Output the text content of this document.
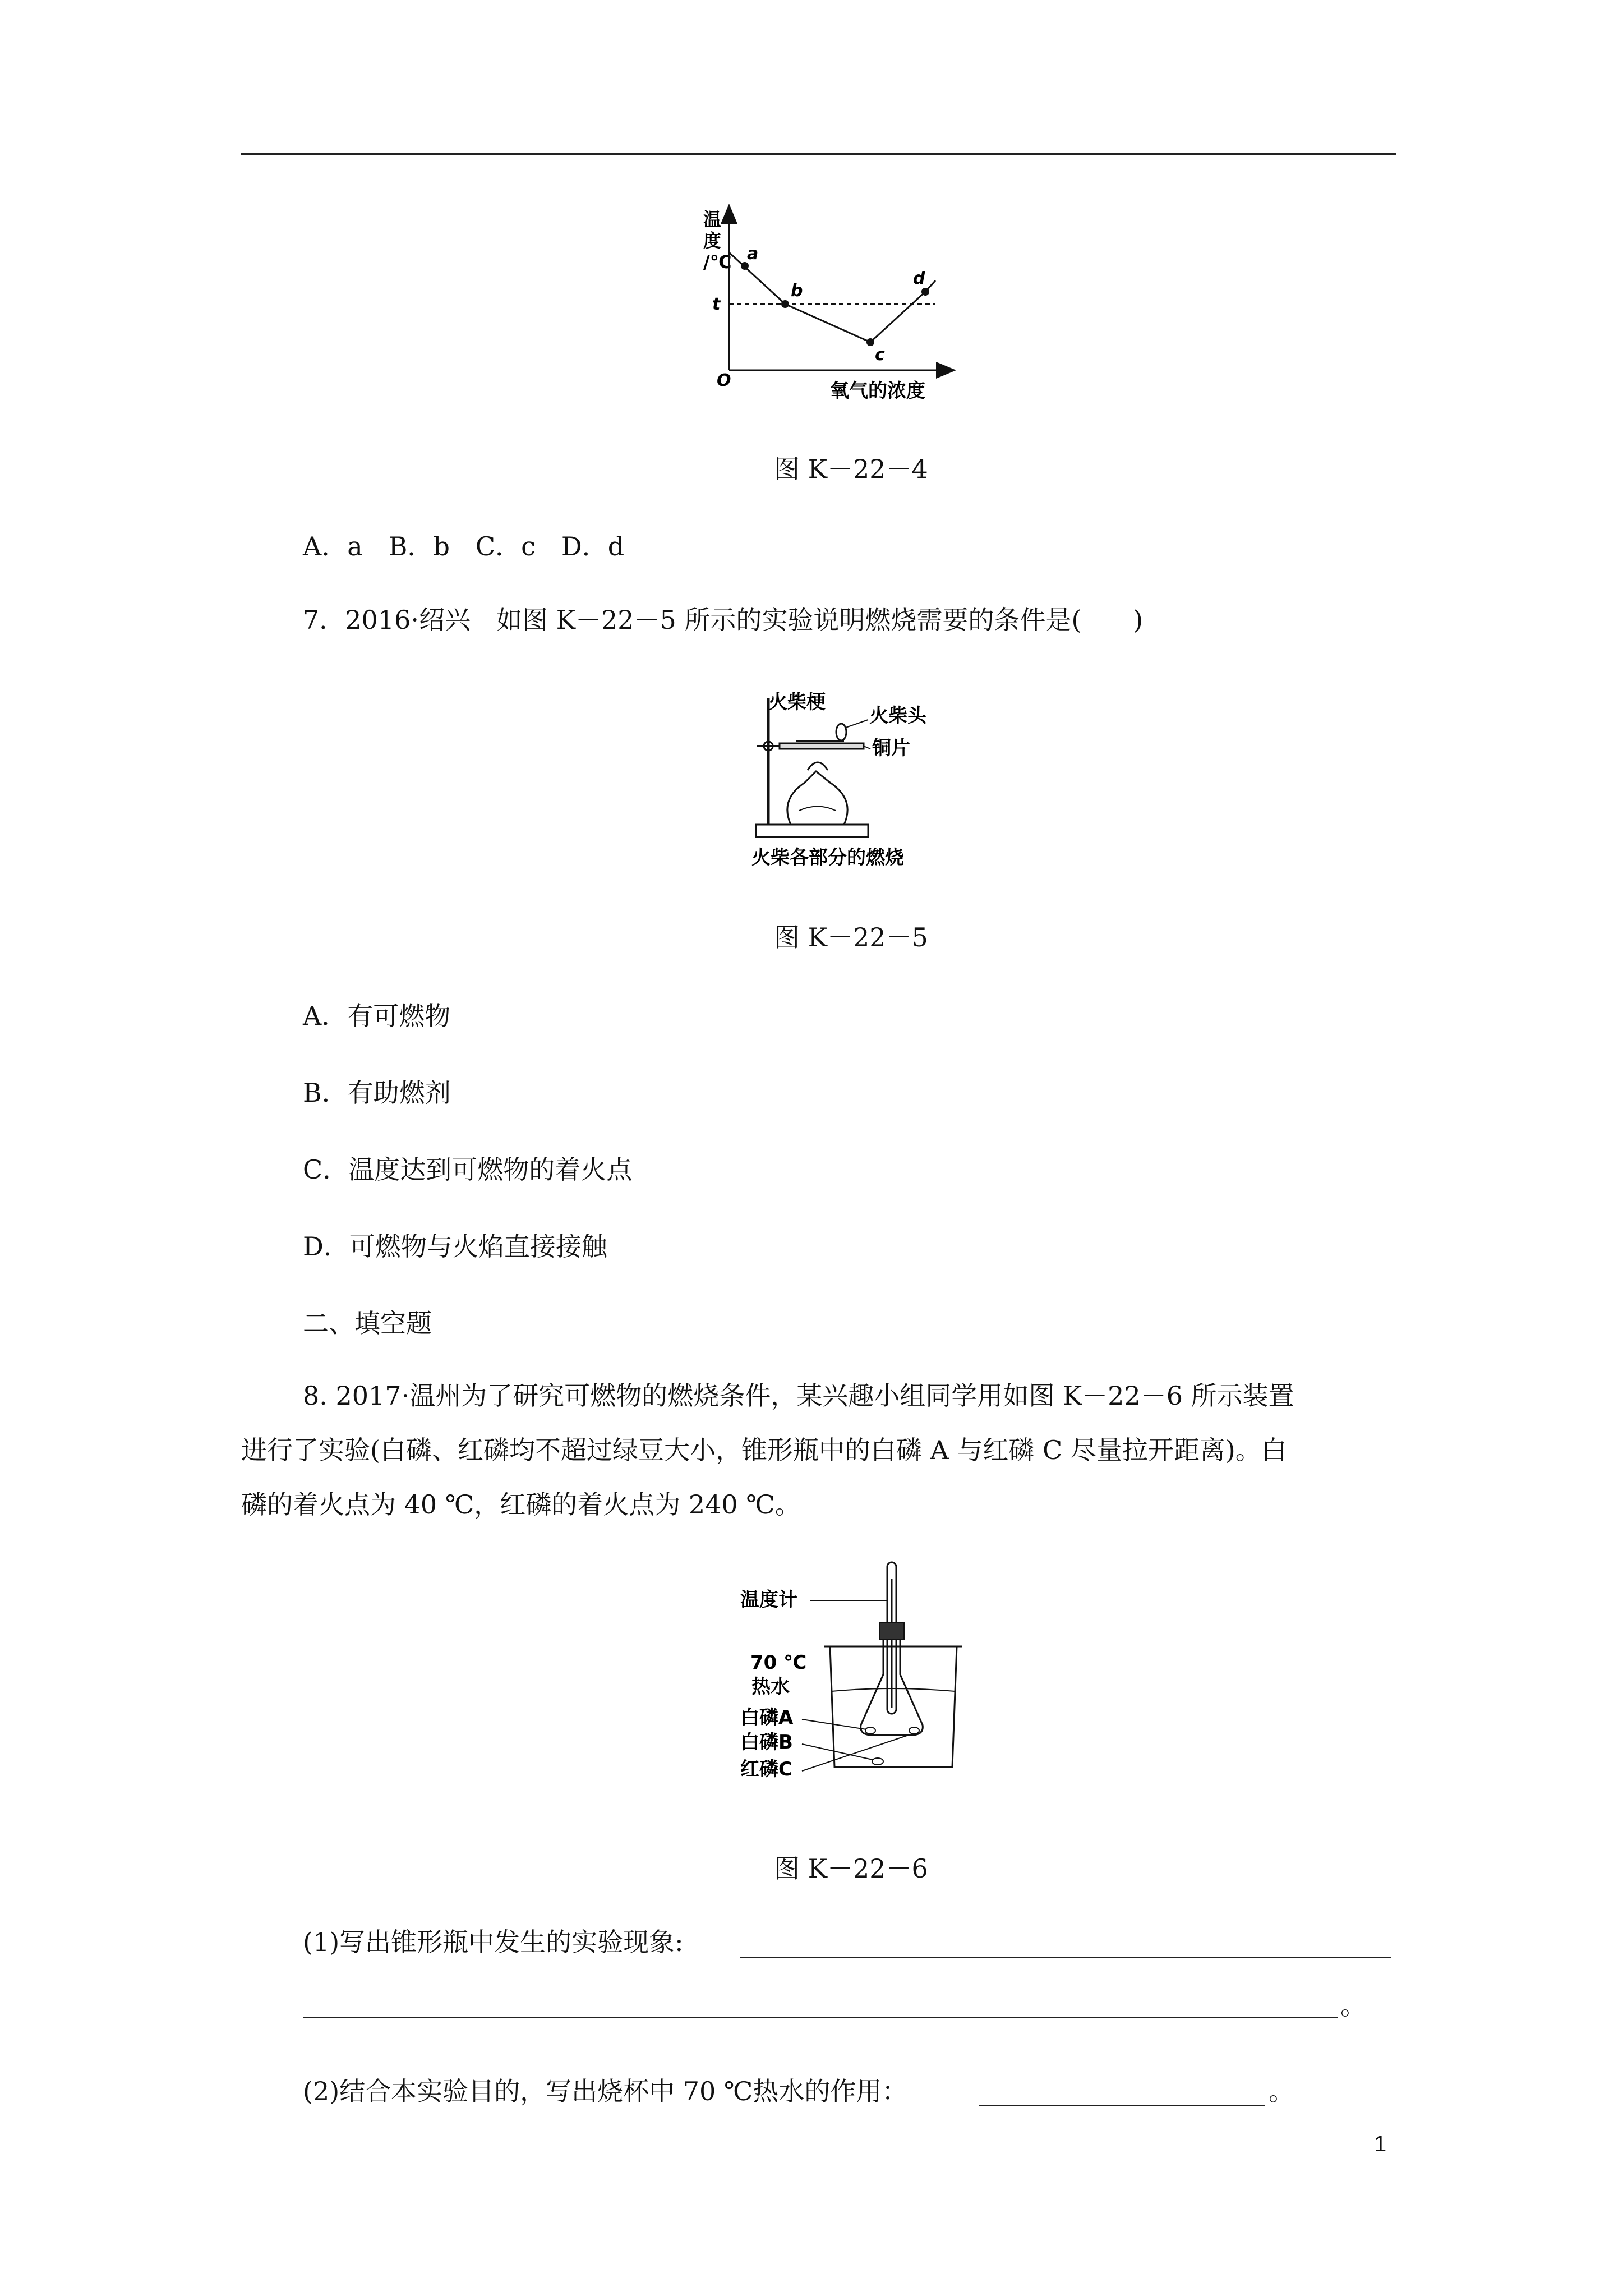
温
度
/℃
O	氧气的浓度
t
a
b
c
d
图 K－22－4
A．a　B．b　C．c　D．d
7．2016·绍兴　如图 K－22－5 所示的实验说明燃烧需要的条件是(　　)
火柴梗
火柴头
铜片
火柴各部分的燃烧
图 K－22－5
A．有可燃物
B．有助燃剂
C．温度达到可燃物的着火点
D．可燃物与火焰直接接触
二、填空题
8. 2017·温州为了研究可燃物的燃烧条件，某兴趣小组同学用如图 K－22－6 所示装置
进行了实验(白磷、红磷均不超过绿豆大小，锥形瓶中的白磷 A 与红磷 C 尽量拉开距离)。白
磷的着火点为 40 ℃，红磷的着火点为 240 ℃。
温度计
70 ℃
热水
白磷A
白磷B
红磷C
图 K－22－6
(1)写出锥形瓶中发生的实验现象:
。
(2)结合本实验目的，写出烧杯中 70 ℃热水的作用：	。
1
